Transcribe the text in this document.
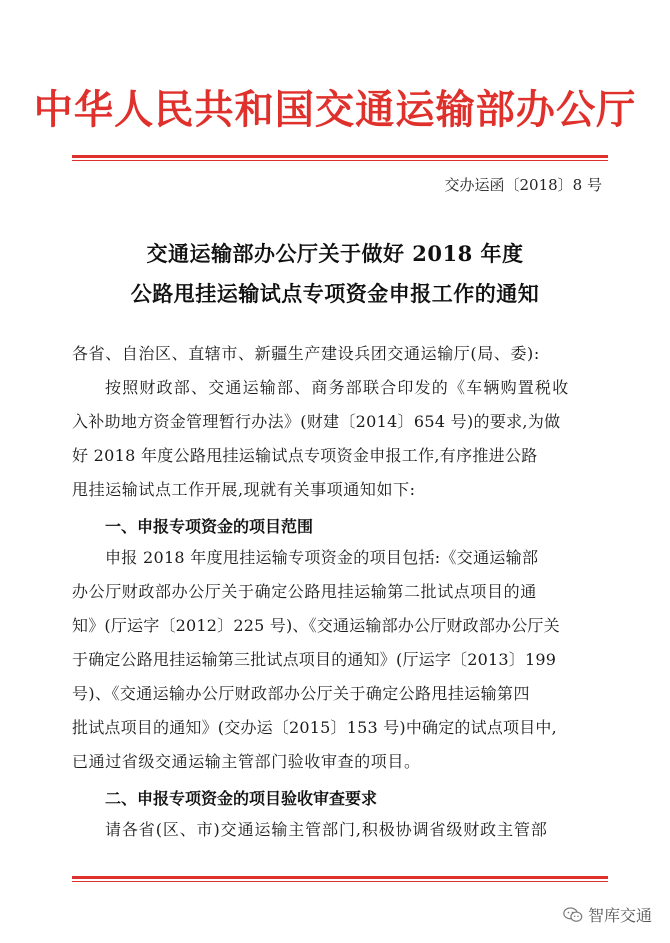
中华人民共和国交通运输部办公厅
交办运函〔2018〕8 号
交通运输部办公厅关于做好 2018 年度
公路甩挂运输试点专项资金申报工作的通知
各省、自治区、直辖市、新疆生产建设兵团交通运输厅(局、委):
按照财政部、交通运输部、商务部联合印发的《车辆购置税收
入补助地方资金管理暂行办法》(财建〔2014〕654 号)的要求,为做
好 2018 年度公路甩挂运输试点专项资金申报工作,有序推进公路
甩挂运输试点工作开展,现就有关事项通知如下:
一、申报专项资金的项目范围
申报 2018 年度甩挂运输专项资金的项目包括:《交通运输部
办公厅财政部办公厅关于确定公路甩挂运输第二批试点项目的通
知》(厅运字〔2012〕225 号)、《交通运输部办公厅财政部办公厅关
于确定公路甩挂运输第三批试点项目的通知》(厅运字〔2013〕199
号)、《交通运输办公厅财政部办公厅关于确定公路甩挂运输第四
批试点项目的通知》(交办运〔2015〕153 号)中确定的试点项目中,
已通过省级交通运输主管部门验收审查的项目。
二、申报专项资金的项目验收审查要求
请各省(区、市)交通运输主管部门,积极协调省级财政主管部
智库交通
